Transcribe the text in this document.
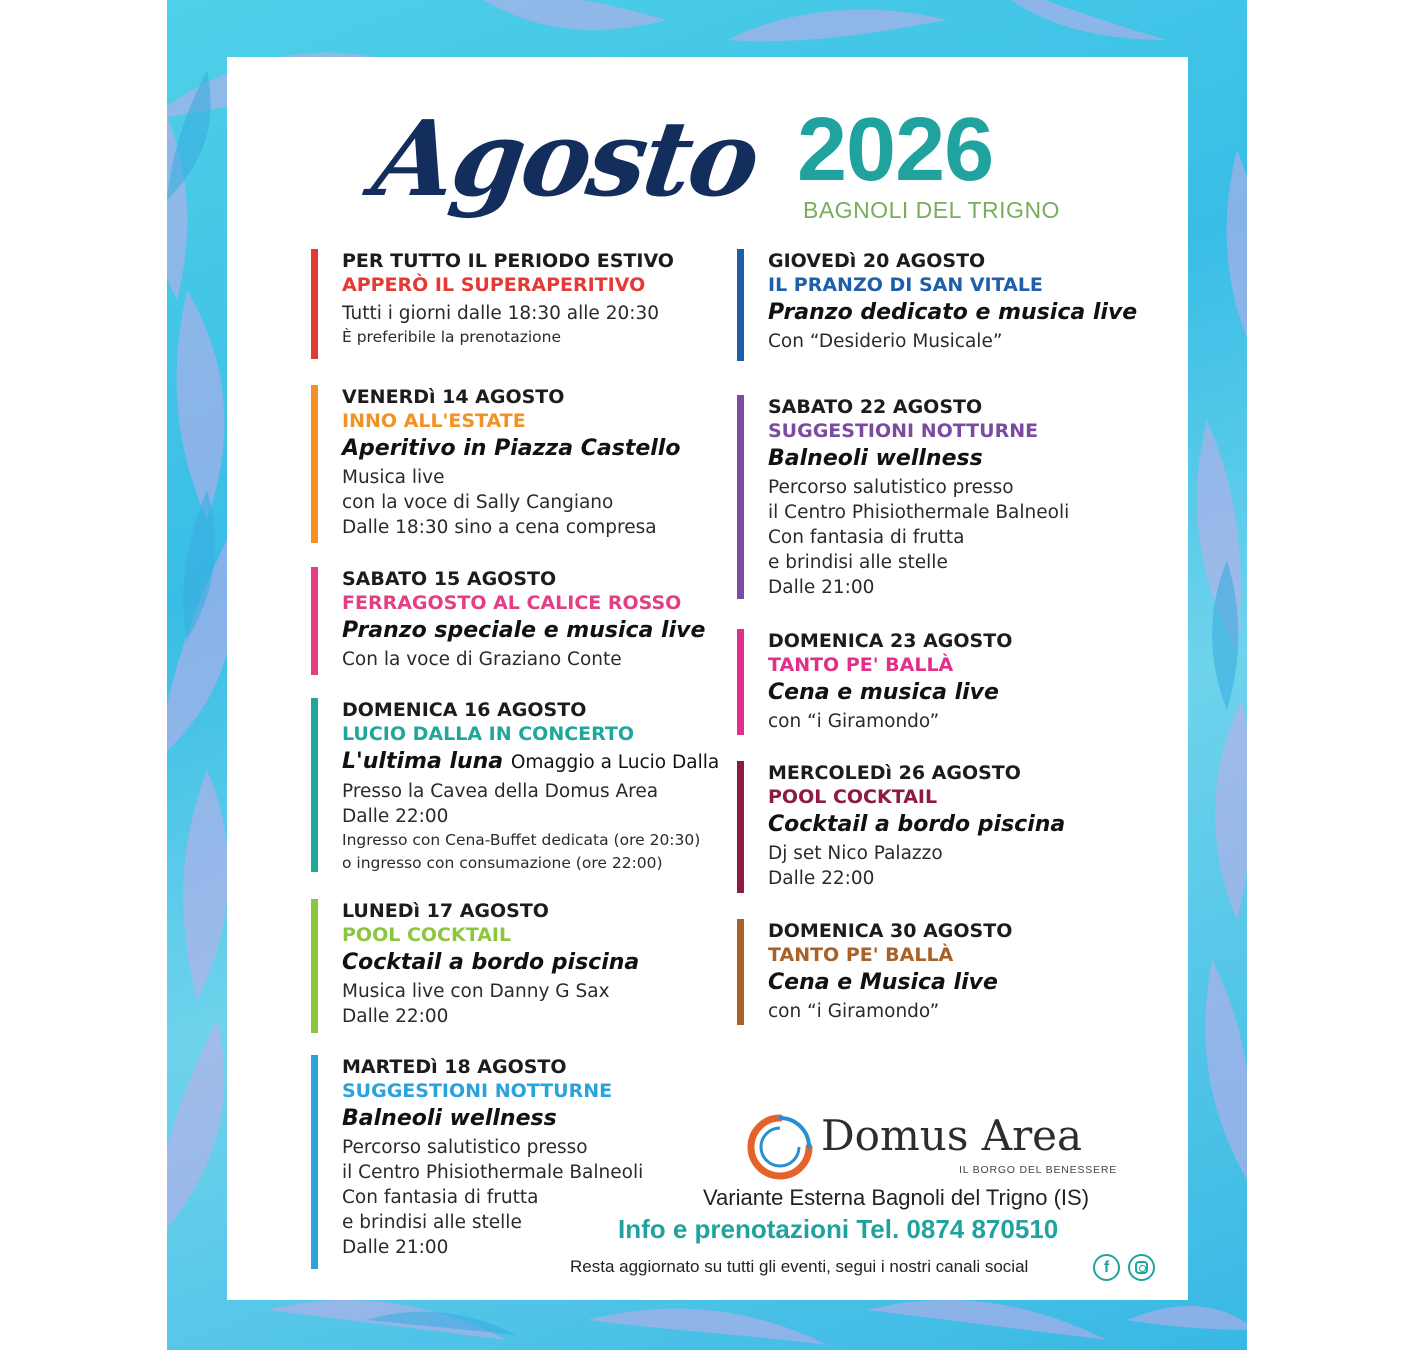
Agosto 2026
BAGNOLI DEL TRIGNO
PER TUTTO IL PERIODO ESTIVO
APPERÒ IL SUPERAPERITIVO
Tutti i giorni dalle 18:30 alle 20:30
È preferibile la prenotazione
VENERDì 14 AGOSTO
INNO ALL'ESTATE
Aperitivo in Piazza Castello
Musica live
con la voce di Sally Cangiano
Dalle 18:30 sino a cena compresa
SABATO 15 AGOSTO
FERRAGOSTO AL CALICE ROSSO
Pranzo speciale e musica live
Con la voce di Graziano Conte
DOMENICA 16 AGOSTO
LUCIO DALLA IN CONCERTO
L'ultima luna Omaggio a Lucio Dalla
Presso la Cavea della Domus Area
Dalle 22:00
Ingresso con Cena-Buffet dedicata (ore 20:30)
o ingresso con consumazione (ore 22:00)
LUNEDì 17 AGOSTO
POOL COCKTAIL
Cocktail a bordo piscina
Musica live con Danny G Sax
Dalle 22:00
MARTEDì 18 AGOSTO
SUGGESTIONI NOTTURNE
Balneoli wellness
Percorso salutistico presso
il Centro Phisiothermale Balneoli
Con fantasia di frutta
e brindisi alle stelle
Dalle 21:00
GIOVEDì 20 AGOSTO
IL PRANZO DI SAN VITALE
Pranzo dedicato e musica live
Con “Desiderio Musicale”
SABATO 22 AGOSTO
SUGGESTIONI NOTTURNE
Balneoli wellness
Percorso salutistico presso
il Centro Phisiothermale Balneoli
Con fantasia di frutta
e brindisi alle stelle
Dalle 21:00
DOMENICA 23 AGOSTO
TANTO PE' BALLÀ
Cena e musica live
con “i Giramondo”
MERCOLEDì 26 AGOSTO
POOL COCKTAIL
Cocktail a bordo piscina
Dj set Nico Palazzo
Dalle 22:00
DOMENICA 30 AGOSTO
TANTO PE' BALLÀ
Cena e Musica live
con “i Giramondo”
Domus Area
IL BORGO DEL BENESSERE
Variante Esterna Bagnoli del Trigno (IS)
Info e prenotazioni Tel. 0874 870510
Resta aggiornato su tutti gli eventi, segui i nostri canali social	f
